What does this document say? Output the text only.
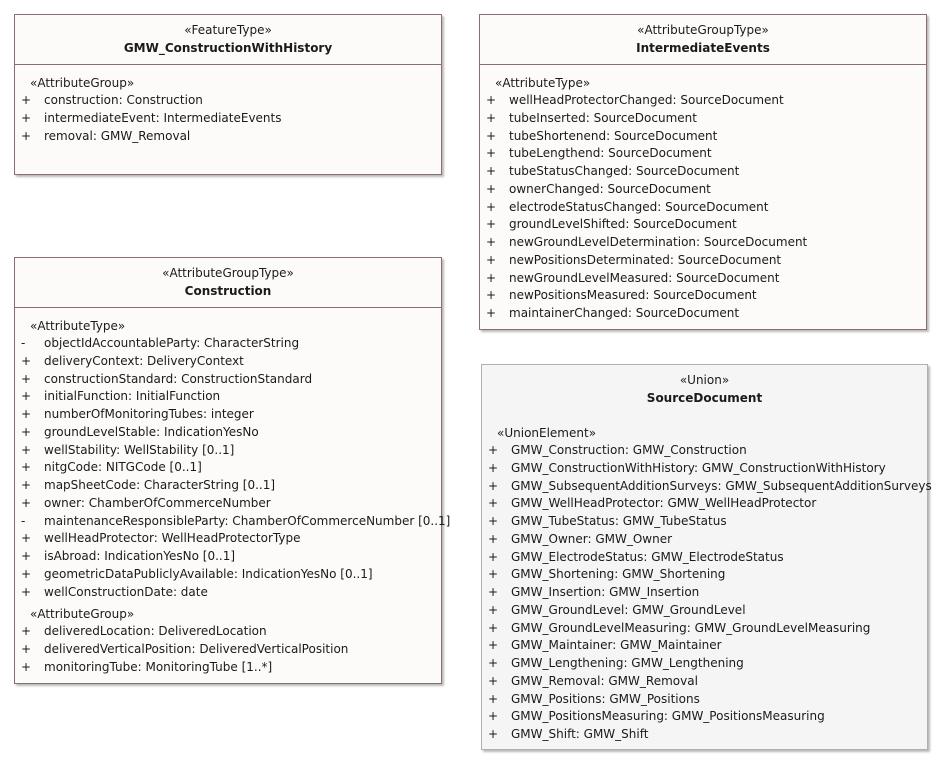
«FeatureType»
GMW_ConstructionWithHistory
«AttributeGroup»
+ construction: Construction
+ intermediateEvent: IntermediateEvents
+ removal: GMW_Removal
«AttributeGroupType»
IntermediateEvents
«AttributeType»
+ wellHeadProtectorChanged: SourceDocument
+ tubeInserted: SourceDocument
+ tubeShortenend: SourceDocument
+ tubeLengthend: SourceDocument
+ tubeStatusChanged: SourceDocument
+ ownerChanged: SourceDocument
+ electrodeStatusChanged: SourceDocument
+ groundLevelShifted: SourceDocument
+ newGroundLevelDetermination: SourceDocument
+ newPositionsDeterminated: SourceDocument
+ newGroundLevelMeasured: SourceDocument
+ newPositionsMeasured: SourceDocument
+ maintainerChanged: SourceDocument
«AttributeGroupType»
Construction
«AttributeType»
-	objectIdAccountableParty: CharacterString
+ deliveryContext: DeliveryContext
+ constructionStandard: ConstructionStandard
+ initialFunction: InitialFunction
+ numberOfMonitoringTubes: integer
+ groundLevelStable: IndicationYesNo
+ wellStability: WellStability [0..1]
+ nitgCode: NITGCode [0..1]
+ mapSheetCode: CharacterString [0..1]
+ owner: ChamberOfCommerceNumber
-	maintenanceResponsibleParty: ChamberOfCommerceNumber [0..1]
+ wellHeadProtector: WellHeadProtectorType
+ isAbroad: IndicationYesNo [0..1]
+ geometricDataPubliclyAvailable: IndicationYesNo [0..1]
+ wellConstructionDate: date
«AttributeGroup»
+ deliveredLocation: DeliveredLocation
+ deliveredVerticalPosition: DeliveredVerticalPosition
+ monitoringTube: MonitoringTube [1..*]
«Union»
SourceDocument
«UnionElement»
+ GMW_Construction: GMW_Construction
+ GMW_ConstructionWithHistory: GMW_ConstructionWithHistory
+ GMW_SubsequentAdditionSurveys: GMW_SubsequentAdditionSurveys
+ GMW_WellHeadProtector: GMW_WellHeadProtector
+ GMW_TubeStatus: GMW_TubeStatus
+ GMW_Owner: GMW_Owner
+ GMW_ElectrodeStatus: GMW_ElectrodeStatus
+ GMW_Shortening: GMW_Shortening
+ GMW_Insertion: GMW_Insertion
+ GMW_GroundLevel: GMW_GroundLevel
+ GMW_GroundLevelMeasuring: GMW_GroundLevelMeasuring
+ GMW_Maintainer: GMW_Maintainer
+ GMW_Lengthening: GMW_Lengthening
+ GMW_Removal: GMW_Removal
+ GMW_Positions: GMW_Positions
+ GMW_PositionsMeasuring: GMW_PositionsMeasuring
+ GMW_Shift: GMW_Shift
